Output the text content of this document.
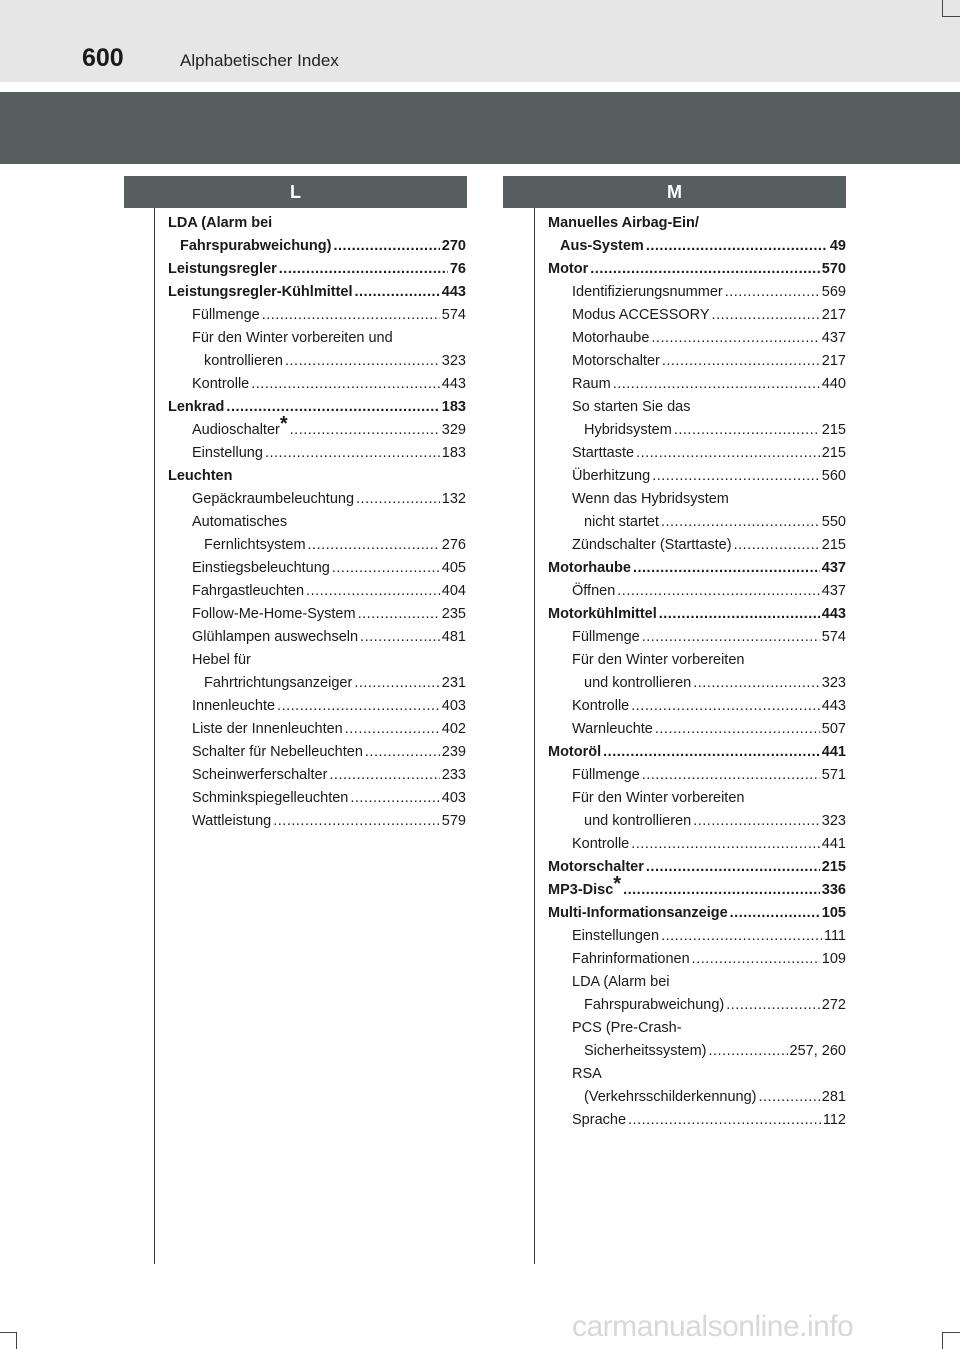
600	Alphabetischer Index
L	M
LDA (Alarm bei
Fahrspurabweichung) .....	270
Leistungsregler .....	76
Leistungsregler-Kühlmittel .....	443
Füllmenge .....	574
Für den Winter vorbereiten und
kontrollieren .....	323
Kontrolle .....	443
Lenkrad .....	183
Audioschalter * .....	329
Einstellung .....	183
Leuchten
Gepäckraumbeleuchtung .....	132
Automatisches
Fernlichtsystem .....	276
Einstiegsbeleuchtung .....	405
Fahrgastleuchten .....	404
Follow-Me-Home-System .....	235
Glühlampen auswechseln .....	481
Hebel für
Fahrtrichtungsanzeiger .....	231
Innenleuchte .....	403
Liste der Innenleuchten .....	402
Schalter für Nebelleuchten .....	239
Scheinwerferschalter .....	233
Schminkspiegelleuchten .....	403
Wattleistung .....	579
Manuelles Airbag-Ein/
Aus-System .....	49
Motor .....	570
Identifizierungsnummer .....	569
Modus ACCESSORY .....	217
Motorhaube .....	437
Motorschalter .....	217
Raum .....	440
So starten Sie das
Hybridsystem .....	215
Starttaste .....	215
Überhitzung .....	560
Wenn das Hybridsystem
nicht startet .....	550
Zündschalter (Starttaste) .....	215
Motorhaube .....	437
Öffnen .....	437
Motorkühlmittel .....	443
Füllmenge .....	574
Für den Winter vorbereiten
und kontrollieren .....	323
Kontrolle .....	443
Warnleuchte .....	507
Motoröl .....	441
Füllmenge .....	571
Für den Winter vorbereiten
und kontrollieren .....	323
Kontrolle .....	441
Motorschalter .....	215
MP3-Disc * .....	336
Multi-Informationsanzeige .....	105
Einstellungen .....	111
Fahrinformationen .....	109
LDA (Alarm bei
Fahrspurabweichung) .....	272
PCS (Pre-Crash-
Sicherheitssystem) .....	257, 260
RSA
(Verkehrsschilderkennung) .....	281
Sprache .....	112
carmanualsonline.info
